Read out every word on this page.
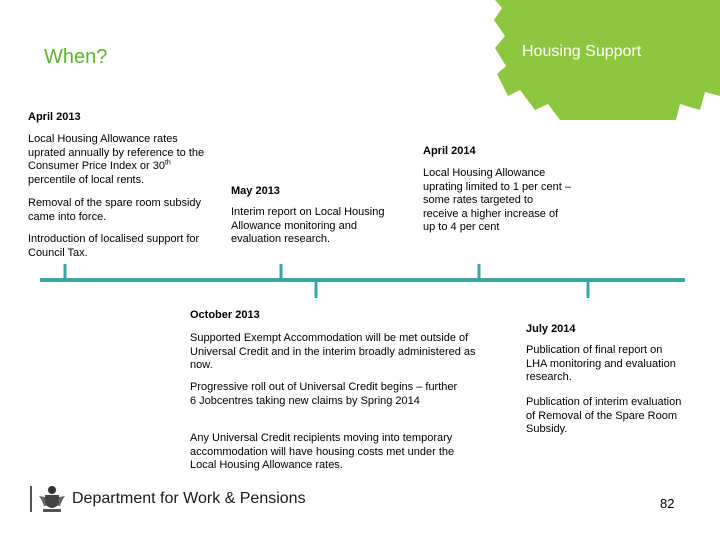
Housing Support
When?
April 2013
Local Housing Allowance rates uprated annually by reference to the Consumer Price Index or 30th percentile of local rents.
Removal of the spare room subsidy came into force.
Introduction of localised support for Council Tax.
May 2013
Interim report on Local Housing Allowance monitoring and evaluation research.
April 2014
Local Housing Allowance uprating limited to 1 per cent – some rates targeted to receive a higher increase of up to 4 per cent
October 2013
Supported Exempt Accommodation will be met outside of Universal Credit and in the interim broadly administered as now.
Progressive roll out of Universal Credit begins – further 6 Jobcentres taking new claims by Spring 2014
Any Universal Credit recipients moving into temporary accommodation will have housing costs met under the Local Housing Allowance rates.
July 2014
Publication of final report on LHA monitoring and evaluation research.
Publication of interim evaluation of Removal of the Spare Room Subsidy.
Department for Work & Pensions	82
